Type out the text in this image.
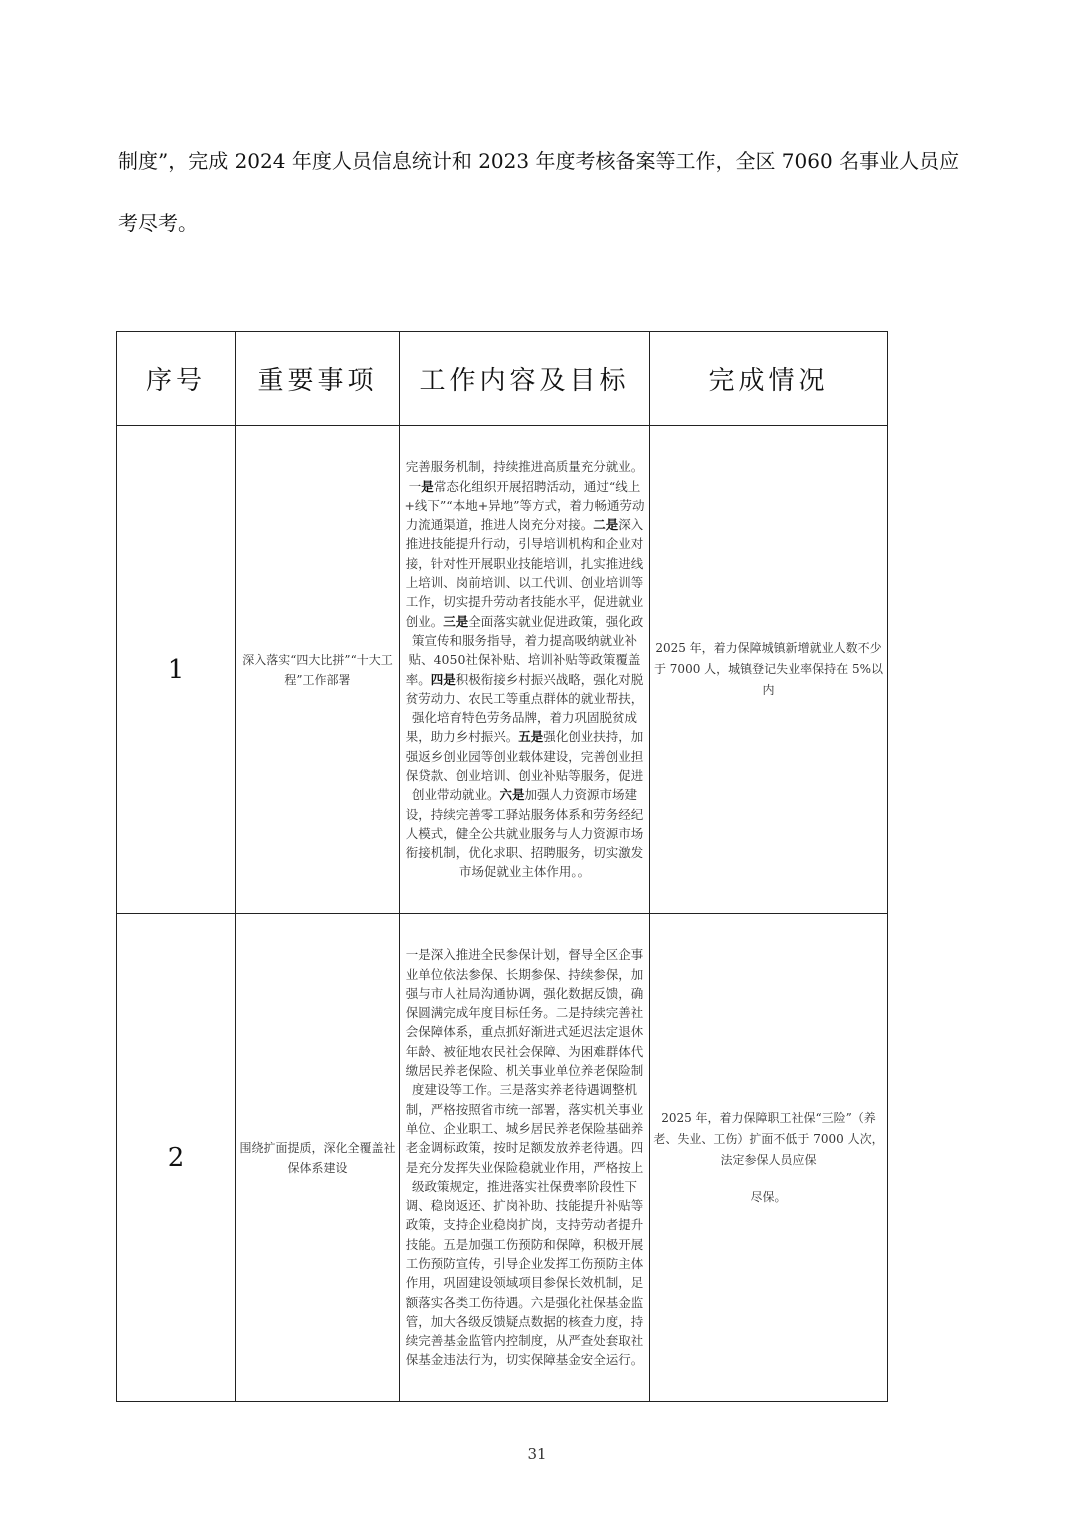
制度”，完成 2024 年度人员信息统计和 2023 年度考核备案等工作，全区 7060 名事业人员应考尽考。

序号	重要事项	工作内容及目标	完成情况
1	深入落实“四大比拼”“十大工程”工作部署	完善服务机制，持续推进高质量充分就业。一是常态化组织开展招聘活动，通过“线上+线下”“本地+异地”等方式，着力畅通劳动力流通渠道，推进人岗充分对接。二是深入推进技能提升行动，引导培训机构和企业对接，针对性开展职业技能培训，扎实推进线上培训、岗前培训、以工代训、创业培训等工作，切实提升劳动者技能水平，促进就业创业。三是全面落实就业促进政策，强化政策宣传和服务指导，着力提高吸纳就业补贴、4050社保补贴、培训补贴等政策覆盖率。四是积极衔接乡村振兴战略，强化对脱贫劳动力、农民工等重点群体的就业帮扶，强化培育特色劳务品牌，着力巩固脱贫成果，助力乡村振兴。五是强化创业扶持，加强返乡创业园等创业载体建设，完善创业担保贷款、创业培训、创业补贴等服务，促进创业带动就业。六是加强人力资源市场建设，持续完善零工驿站服务体系和劳务经纪人模式，健全公共就业服务与人力资源市场衔接机制，优化求职、招聘服务，切实激发市场促就业主体作用。。	2025 年，着力保障城镇新增就业人数不少于 7000 人，城镇登记失业率保持在 5%以内
2	围绕扩面提质，深化全覆盖社保体系建设	一是深入推进全民参保计划，督导全区企事业单位依法参保、长期参保、持续参保，加强与市人社局沟通协调，强化数据反馈，确保圆满完成年度目标任务。二是持续完善社会保障体系，重点抓好渐进式延迟法定退休年龄、被征地农民社会保障、为困难群体代缴居民养老保险、机关事业单位养老保险制度建设等工作。三是落实养老待遇调整机制，严格按照省市统一部署，落实机关事业单位、企业职工、城乡居民养老保险基础养老金调标政策，按时足额发放养老待遇。四是充分发挥失业保险稳就业作用，严格按上级政策规定，推进落实社保费率阶段性下调、稳岗返还、扩岗补助、技能提升补贴等政策，支持企业稳岗扩岗，支持劳动者提升技能。五是加强工伤预防和保障，积极开展工伤预防宣传，引导企业发挥工伤预防主体作用，巩固建设领域项目参保长效机制，足额落实各类工伤待遇。六是强化社保基金监管，加大各级反馈疑点数据的核查力度，持续完善基金监管内控制度，从严查处套取社保基金违法行为，切实保障基金安全运行。	2025 年，着力保障职工社保“三险”（养老、失业、工伤）扩面不低于 7000 人次，法定参保人员应保
尽保。
31
